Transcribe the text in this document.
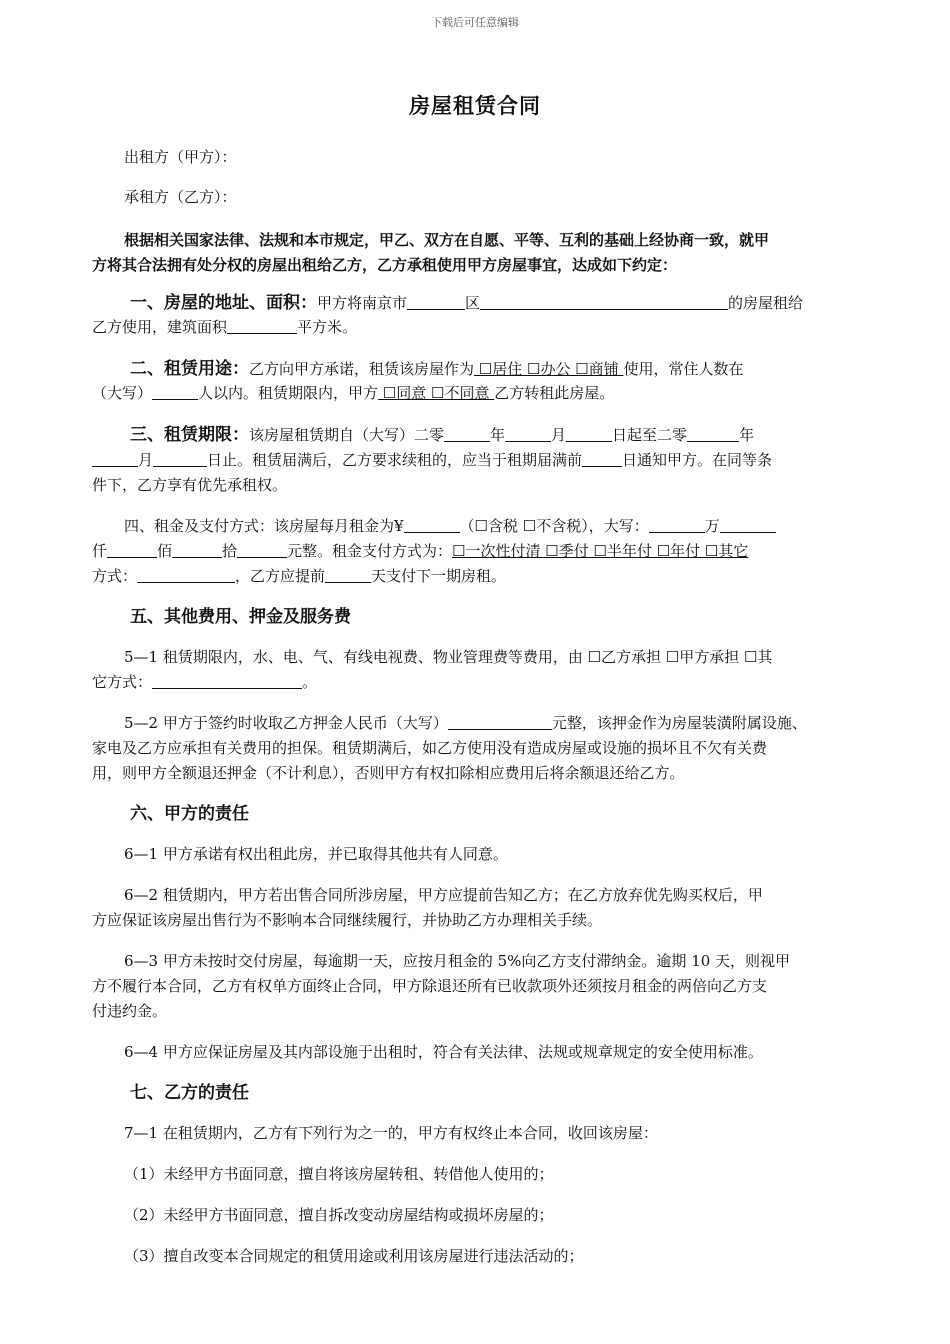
下载后可任意编辑
房屋租赁合同
出租方（甲方）：
承租方（乙方）：
根据相关国家法律、法规和本市规定，甲乙、双方在自愿、平等、互利的基础上经协商一致，就甲
方将其合法拥有处分权的房屋出租给乙方，乙方承租使用甲方房屋事宜，达成如下约定：
一、房屋的地址、面积：甲方将南京市	区	的房屋租给
乙方使用，建筑面积	平方米。
二、租赁用途：乙方向甲方承诺，租赁该房屋作为 ☐居住 ☐办公 ☐商铺 使用，常住人数在
（大写）	人以内。租赁期限内，甲方 ☐同意 ☐不同意 乙方转租此房屋。
三、租赁期限：该房屋租赁期自（大写）二零	年	月	日起至二零	年
月	日止。租赁届满后，乙方要求续租的，应当于租期届满前	日通知甲方。在同等条
件下，乙方享有优先承租权。
四、租金及支付方式：该房屋每月租金为¥	（☐含税 ☐不含税），大写：	万
仟	佰	拾	元整。租金支付方式为：☐一次性付清 ☐季付 ☐半年付 ☐年付 ☐其它
方式：	，乙方应提前	天支付下一期房租。
五、其他费用、押金及服务费
5—1 租赁期限内，水、电、气、有线电视费、物业管理费等费用，由 ☐乙方承担 ☐甲方承担 ☐其
它方式：	。
5—2 甲方于签约时收取乙方押金人民币（大写）	元整，该押金作为房屋装潢附属设施、
家电及乙方应承担有关费用的担保。租赁期满后，如乙方使用没有造成房屋或设施的损坏且不欠有关费
用，则甲方全额退还押金（不计利息），否则甲方有权扣除相应费用后将余额退还给乙方。
六、甲方的责任
6—1 甲方承诺有权出租此房，并已取得其他共有人同意。
6—2 租赁期内，甲方若出售合同所涉房屋，甲方应提前告知乙方；在乙方放弃优先购买权后，甲
方应保证该房屋出售行为不影响本合同继续履行，并协助乙方办理相关手续。
6—3 甲方未按时交付房屋，每逾期一天，应按月租金的 5%向乙方支付滞纳金。逾期 10 天，则视甲
方不履行本合同，乙方有权单方面终止合同，甲方除退还所有已收款项外还须按月租金的两倍向乙方支
付违约金。
6—4 甲方应保证房屋及其内部设施于出租时，符合有关法律、法规或规章规定的安全使用标准。
七、乙方的责任
7—1 在租赁期内，乙方有下列行为之一的，甲方有权终止本合同，收回该房屋：
（1）未经甲方书面同意，擅自将该房屋转租、转借他人使用的；
（2）未经甲方书面同意，擅自拆改变动房屋结构或损坏房屋的；
（3）擅自改变本合同规定的租赁用途或利用该房屋进行违法活动的；
